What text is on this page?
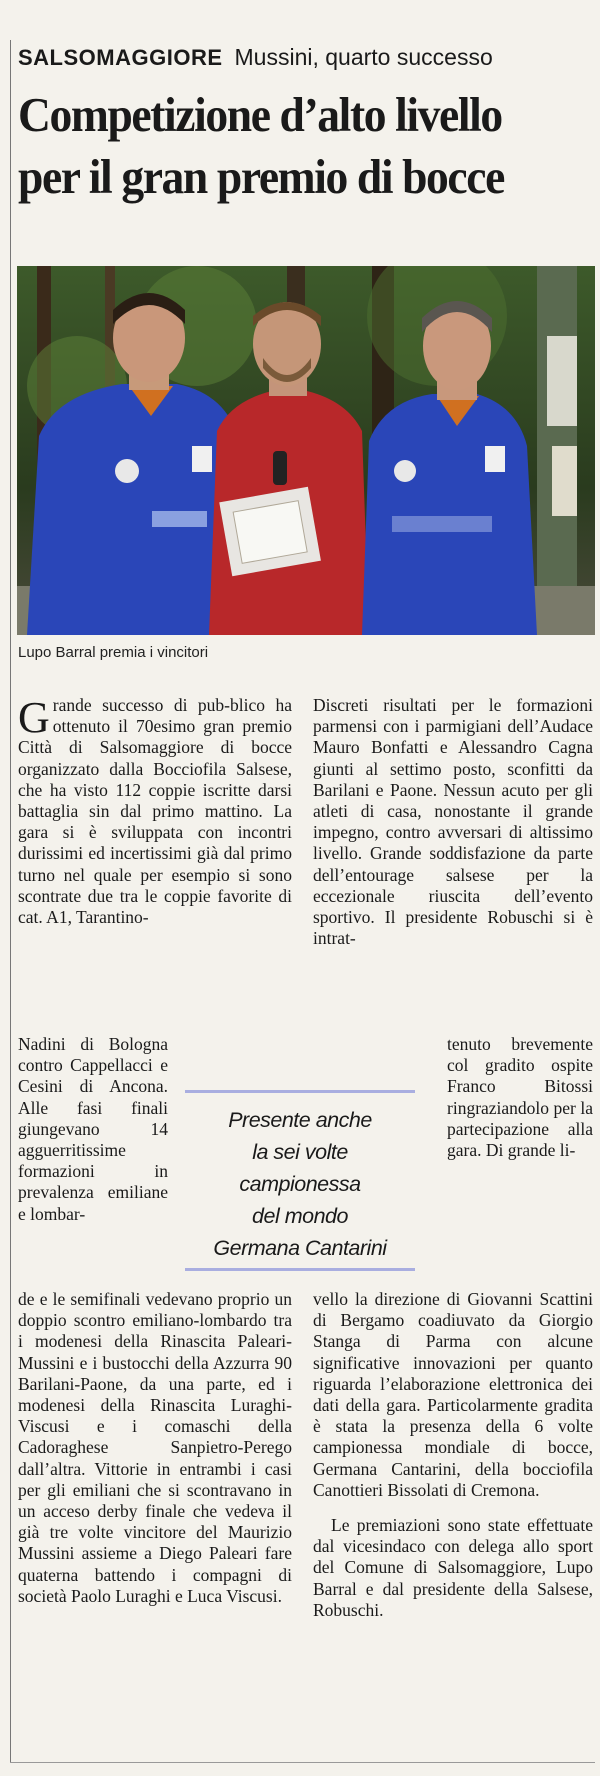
SALSOMAGGIORE Mussini, quarto successo
Competizione d’alto livello
per il gran premio di bocce
Lupo Barral premia i vincitori
G rande successo di pub-blico ha ottenuto il 70esimo gran premio Città di Salsomaggiore di bocce organizzato dalla Bocciofila Salsese, che ha visto 112 coppie iscritte darsi battaglia sin dal primo mattino. La gara si è sviluppata con incontri durissimi ed incertissimi già dal primo turno nel quale per esempio si sono scontrate due tra le coppie favorite di cat. A1, Tarantino-

Nadini di Bologna contro Cappellacci e Cesini di Ancona. Alle fasi finali giungevano 14 agguerritissime formazioni in prevalenza emiliane e lombar-

de e le semifinali vedevano proprio un doppio scontro emiliano-lombardo tra i modenesi della Rinascita Paleari-Mussini e i bustocchi della Azzurra 90 Barilani-Paone, da una parte, ed i modenesi della Rinascita Luraghi-Viscusi e i comaschi della Cadoraghese Sanpietro-Perego dall’altra. Vittorie in entrambi i casi per gli emiliani che si scontravano in un acceso derby finale che vedeva il già tre volte vincitore del Maurizio Mussini assieme a Diego Paleari fare quaterna battendo i compagni di società Paolo Luraghi e Luca Viscusi.

Discreti risultati per le formazioni parmensi con i parmigiani dell’Audace Mauro Bonfatti e Alessandro Cagna giunti al settimo posto, sconfitti da Barilani e Paone. Nessun acuto per gli atleti di casa, nonostante il grande impegno, contro avversari di altissimo livello. Grande soddisfazione da parte dell’entourage salsese per la eccezionale riuscita dell’evento sportivo. Il presidente Robuschi si è intrat-

tenuto brevemente col gradito ospite Franco Bitossi ringraziandolo per la partecipazione alla gara. Di grande li-

vello la direzione di Giovanni Scattini di Bergamo coadiuvato da Giorgio Stanga di Parma con alcune significative innovazioni per quanto riguarda l’elaborazione elettronica dei dati della gara. Particolarmente gradita è stata la presenza della 6 volte campionessa mondiale di bocce, Germana Cantarini, della bocciofila Canottieri Bissolati di Cremona.

Le premiazioni sono state effettuate dal vicesindaco con delega allo sport del Comune di Salsomaggiore, Lupo Barral e dal presidente della Salsese, Robuschi.

Presente anche
la sei volte
campionessa
del mondo
Germana Cantarini
